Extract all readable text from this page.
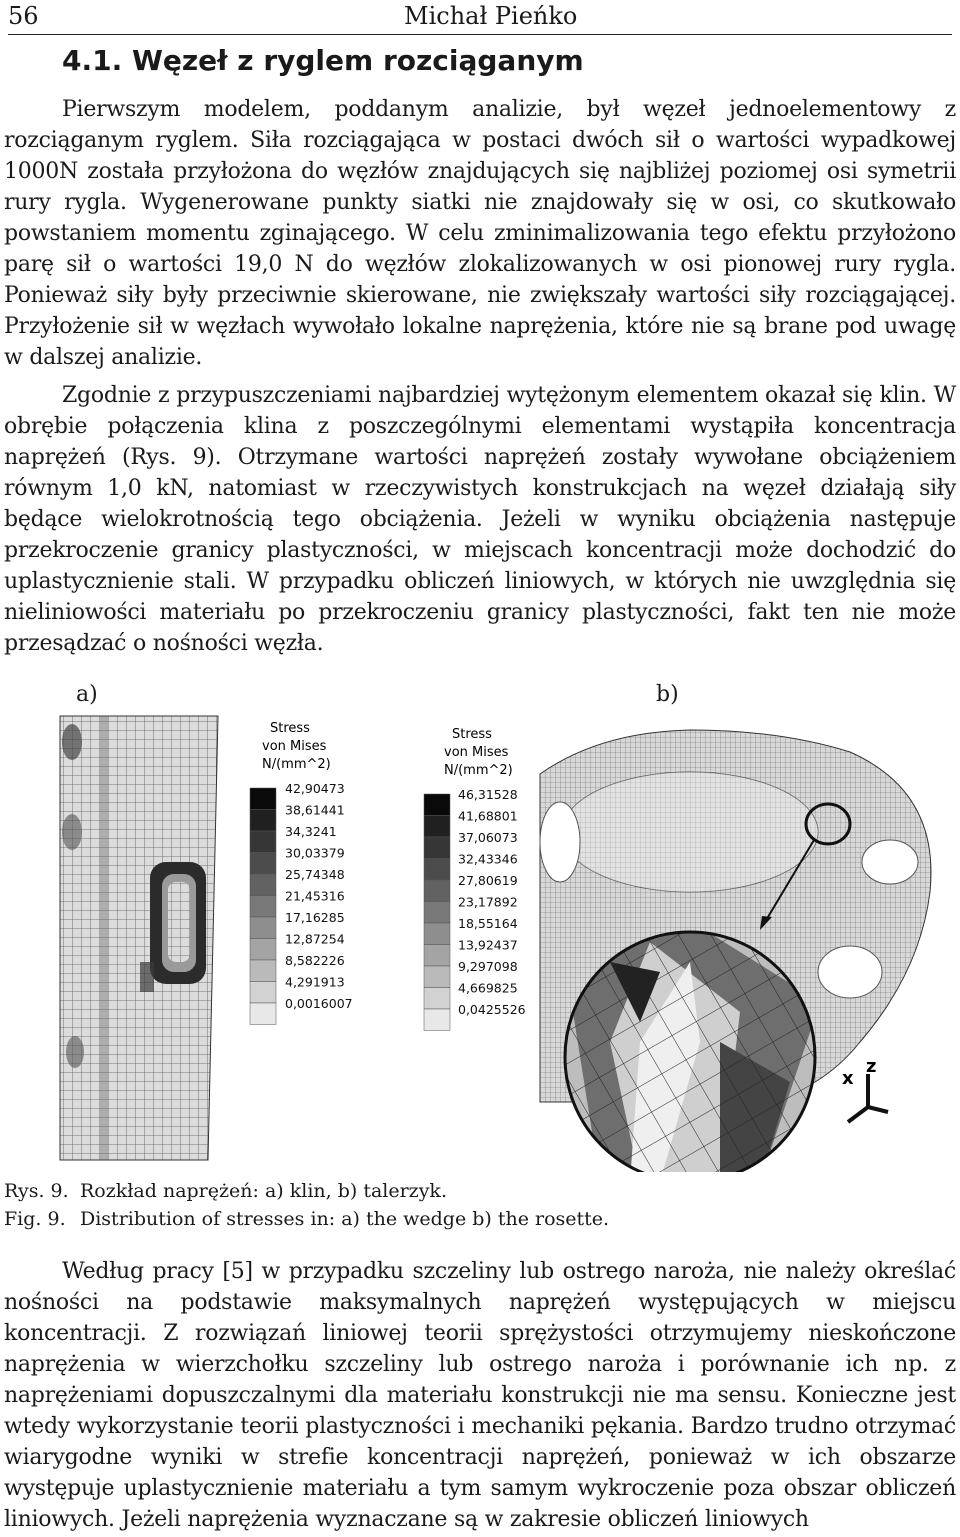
56	Michał Pieńko
4.1. Węzeł z ryglem rozciąganym

Pierwszym modelem, poddanym analizie, był węzeł jednoelementowy z rozciąganym ryglem. Siła rozciągająca w postaci dwóch sił o wartości wypadkowej 1000N została przyłożona do węzłów znajdujących się najbliżej poziomej osi symetrii rury rygla. Wygenerowane punkty siatki nie znajdowały się w osi, co skutkowało powstaniem momentu zginającego. W celu zminimalizowania tego efektu przyłożono parę sił o wartości 19,0 N do węzłów zlokalizowanych w osi pionowej rury rygla. Ponieważ siły były przeciwnie skierowane, nie zwiększały wartości siły rozciągającej. Przyłożenie sił w węzłach wywołało lokalne naprężenia, które nie są brane pod uwagę w dalszej analizie.

Zgodnie z przypuszczeniami najbardziej wytężonym elementem okazał się klin. W obrębie połączenia klina z poszczególnymi elementami wystąpiła koncentracja naprężeń (Rys. 9). Otrzymane wartości naprężeń zostały wywołane obciążeniem równym 1,0 kN, natomiast w rzeczywistych konstrukcjach na węzeł działają siły będące wielokrotnością tego obciążenia. Jeżeli w wyniku obciążenia następuje przekroczenie granicy plastyczności, w miejscach koncentracji może dochodzić do uplastycznienie stali. W przypadku obliczeń liniowych, w których nie uwzględnia się nieliniowości materiału po przekroczeniu granicy plastyczności, fakt ten nie może przesądzać o nośności węzła.

a)	b)
x
z
Stress
von Mises
N/(mm^2)
42,90473
38,61441
34,3241
30,03379
25,74348
21,45316
17,16285
12,87254
8,582226
4,291913
0,0016007
Stress
von Mises
N/(mm^2)
46,31528
41,68801
37,06073
32,43346
27,80619
23,17892
18,55164
13,92437
9,297098
4,669825
0,0425526
Rys. 9. Rozkład naprężeń: a) klin, b) talerzyk.
Fig. 9. Distribution of stresses in: a) the wedge b) the rosette.

Według pracy [5] w przypadku szczeliny lub ostrego naroża, nie należy określać nośności na podstawie maksymalnych naprężeń występujących w miejscu koncentracji. Z rozwiązań liniowej teorii sprężystości otrzymujemy nieskończone naprężenia w wierzchołku szczeliny lub ostrego naroża i porównanie ich np. z naprężeniami dopuszczalnymi dla materiału konstrukcji nie ma sensu. Konieczne jest wtedy wykorzystanie teorii plastyczności i mechaniki pękania. Bardzo trudno otrzymać wiarygodne wyniki w strefie koncentracji naprężeń, ponieważ w ich obszarze występuje uplastycznienie materiału a tym samym wykroczenie poza obszar obliczeń liniowych. Jeżeli naprężenia wyznaczane są w zakresie obliczeń liniowych
